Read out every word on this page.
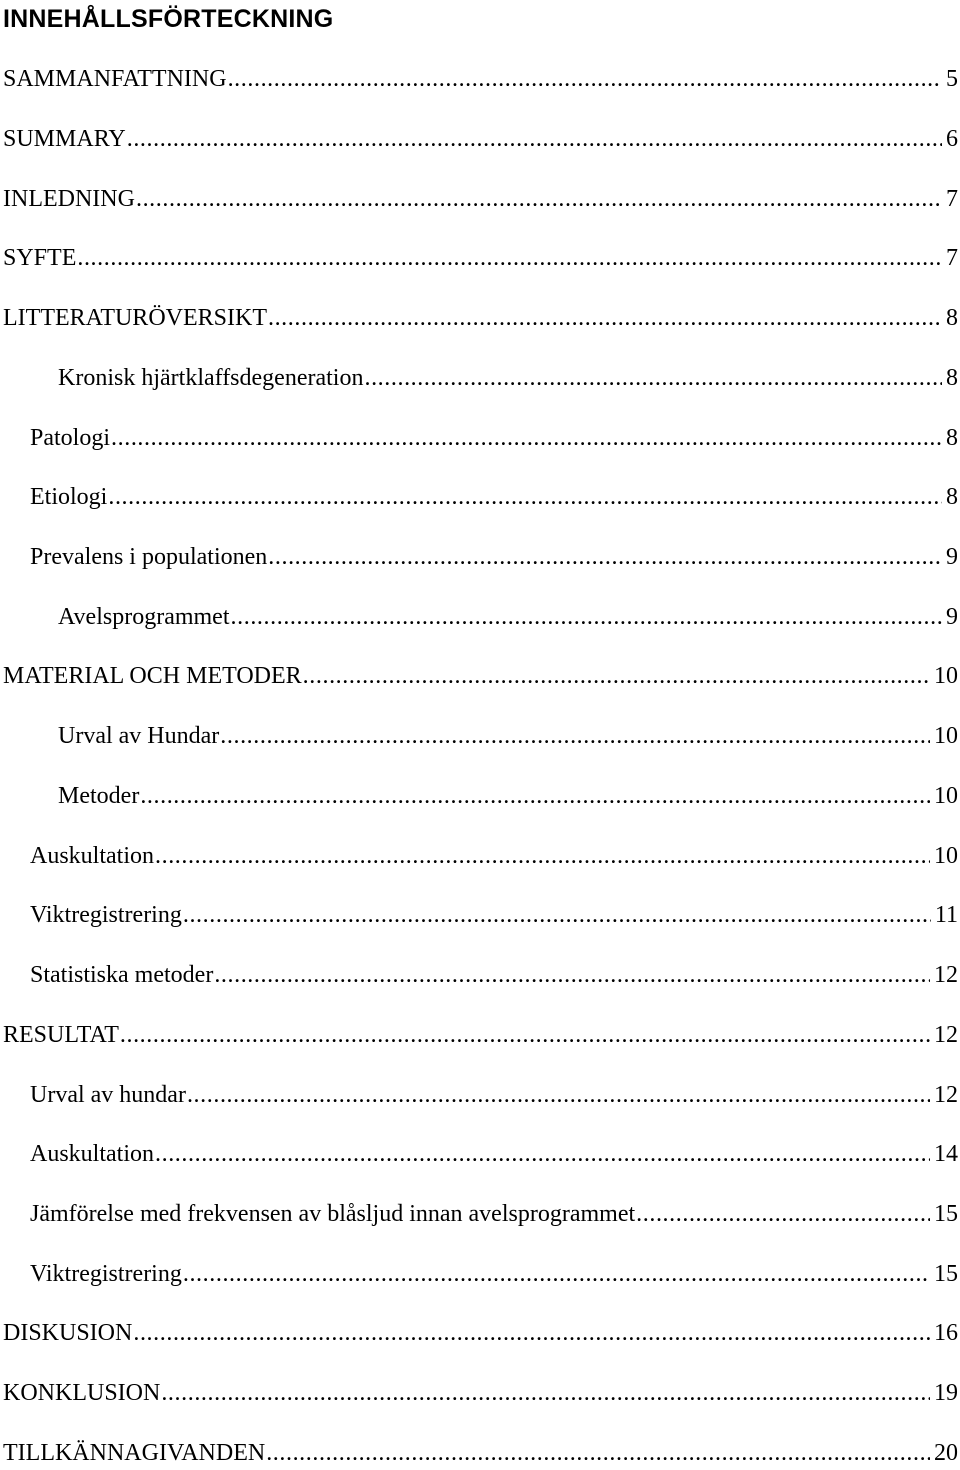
INNEHÅLLSFÖRTECKNING
SAMMANFATTNING .....	5
SUMMARY .....	6
INLEDNING .....	7
SYFTE .....	7
LITTERATURÖVERSIKT .....	8
Kronisk hjärtklaffsdegeneration .....	8
Patologi .....	8
Etiologi .....	8
Prevalens i populationen .....	9
Avelsprogrammet .....	9
MATERIAL OCH METODER .....	10
Urval av Hundar .....	10
Metoder .....	10
Auskultation .....	10
Viktregistrering .....	11
Statistiska metoder .....	12
RESULTAT .....	12
Urval av hundar .....	12
Auskultation .....	14
Jämförelse med frekvensen av blåsljud innan avelsprogrammet .....	15
Viktregistrering .....	15
DISKUSION .....	16
KONKLUSION .....	19
TILLKÄNNAGIVANDEN .....	20
